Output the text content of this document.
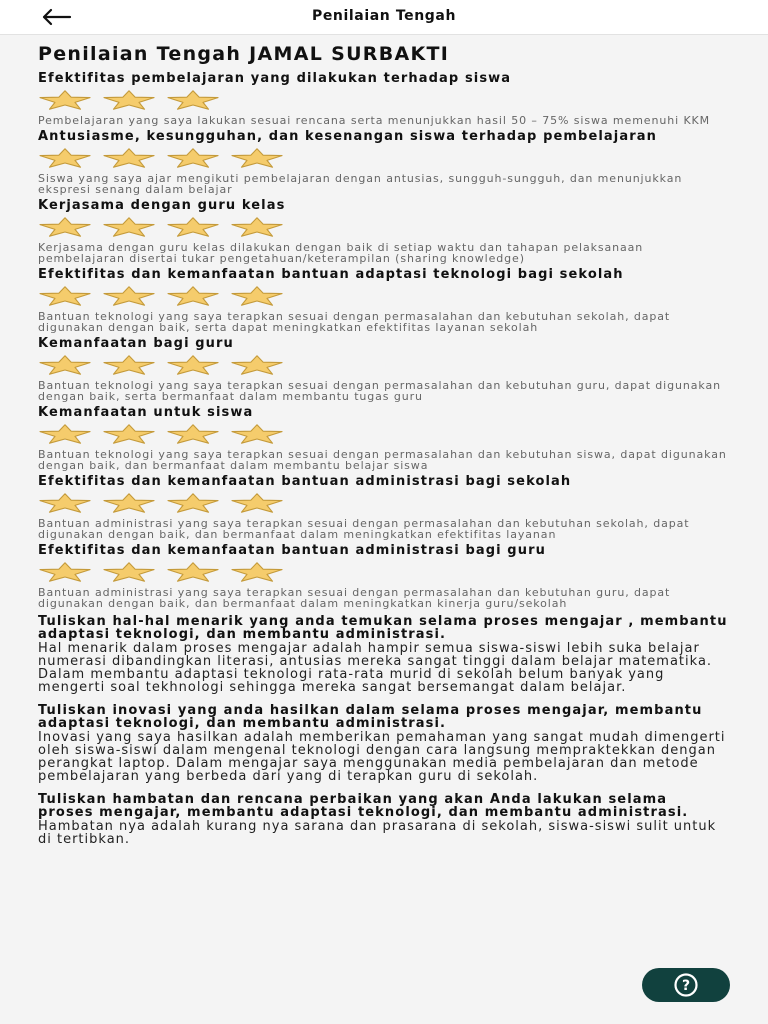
Penilaian Tengah
Penilaian Tengah JAMAL SURBAKTI
Efektifitas pembelajaran yang dilakukan terhadap siswa
Pembelajaran yang saya lakukan sesuai rencana serta menunjukkan hasil 50 – 75% siswa memenuhi KKM
Antusiasme, kesungguhan, dan kesenangan siswa terhadap pembelajaran
Siswa yang saya ajar mengikuti pembelajaran dengan antusias, sungguh-sungguh, dan menunjukkan ekspresi senang dalam belajar
Kerjasama dengan guru kelas
Kerjasama dengan guru kelas dilakukan dengan baik di setiap waktu dan tahapan pelaksanaan pembelajaran disertai tukar pengetahuan/keterampilan (sharing knowledge)
Efektifitas dan kemanfaatan bantuan adaptasi teknologi bagi sekolah
Bantuan teknologi yang saya terapkan sesuai dengan permasalahan dan kebutuhan sekolah, dapat digunakan dengan baik, serta dapat meningkatkan efektifitas layanan sekolah
Kemanfaatan bagi guru
Bantuan teknologi yang saya terapkan sesuai dengan permasalahan dan kebutuhan guru, dapat digunakan dengan baik, serta bermanfaat dalam membantu tugas guru
Kemanfaatan untuk siswa
Bantuan teknologi yang saya terapkan sesuai dengan permasalahan dan kebutuhan siswa, dapat digunakan dengan baik, dan bermanfaat dalam membantu belajar siswa
Efektifitas dan kemanfaatan bantuan administrasi bagi sekolah
Bantuan administrasi yang saya terapkan sesuai dengan permasalahan dan kebutuhan sekolah, dapat digunakan dengan baik, dan bermanfaat dalam meningkatkan efektifitas layanan
Efektifitas dan kemanfaatan bantuan administrasi bagi guru
Bantuan administrasi yang saya terapkan sesuai dengan permasalahan dan kebutuhan guru, dapat digunakan dengan baik, dan bermanfaat dalam meningkatkan kinerja guru/sekolah
Tuliskan hal-hal menarik yang anda temukan selama proses mengajar , membantu adaptasi teknologi, dan membantu administrasi.
Hal menarik dalam proses mengajar adalah hampir semua siswa-siswi lebih suka belajar numerasi dibandingkan literasi, antusias mereka sangat tinggi dalam belajar matematika. Dalam membantu adaptasi teknologi rata-rata murid di sekolah belum banyak yang mengerti soal tekhnologi sehingga mereka sangat bersemangat dalam belajar.
Tuliskan inovasi yang anda hasilkan dalam selama proses mengajar, membantu adaptasi teknologi, dan membantu administrasi.
Inovasi yang saya hasilkan adalah memberikan pemahaman yang sangat mudah dimengerti oleh siswa-siswi dalam mengenal teknologi dengan cara langsung mempraktekkan dengan perangkat laptop. Dalam mengajar saya menggunakan media pembelajaran dan metode pembelajaran yang berbeda dari yang di terapkan guru di sekolah.
Tuliskan hambatan dan rencana perbaikan yang akan Anda lakukan selama proses mengajar, membantu adaptasi teknologi, dan membantu administrasi.
Hambatan nya adalah kurang nya sarana dan prasarana di sekolah, siswa-siswi sulit untuk di tertibkan.
?
